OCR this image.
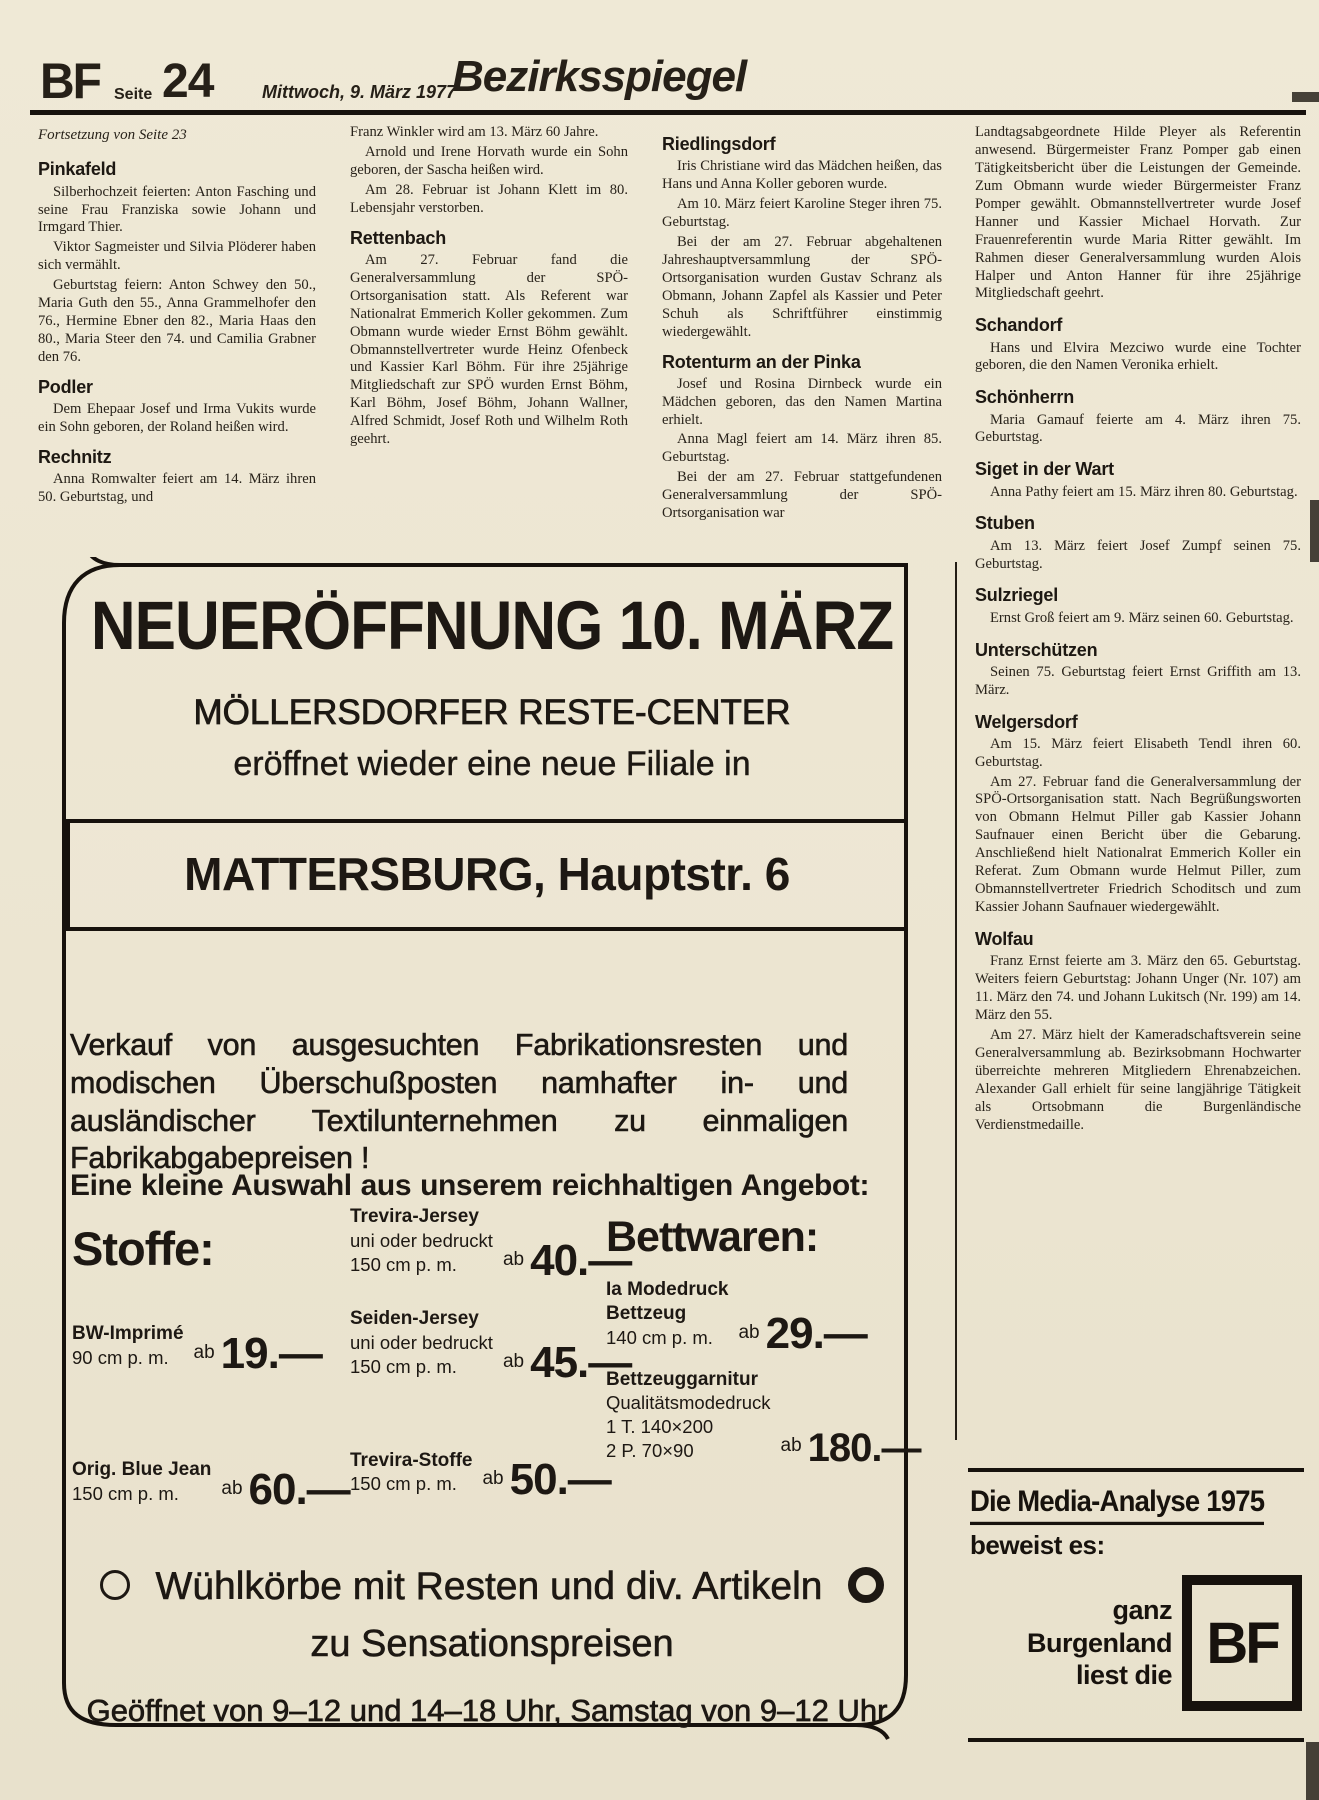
BF Seite 24	Mittwoch, 9. März 1977
Bezirksspiegel
Fortsetzung von Seite 23
Pinkafeld
Silberhochzeit feierten: Anton Fasching und seine Frau Franziska sowie Johann und Irmgard Thier.
Viktor Sagmeister und Silvia Plöderer haben sich vermählt.
Geburtstag feiern: Anton Schwey den 50., Maria Guth den 55., Anna Grammelhofer den 76., Hermine Ebner den 82., Maria Haas den 80., Maria Steer den 74. und Camilia Grabner den 76.
Podler
Dem Ehepaar Josef und Irma Vukits wurde ein Sohn geboren, der Roland heißen wird.
Rechnitz
Anna Romwalter feiert am 14. März ihren 50. Geburtstag, und
Franz Winkler wird am 13. März 60 Jahre.
Arnold und Irene Horvath wurde ein Sohn geboren, der Sascha heißen wird.
Am 28. Februar ist Johann Klett im 80. Lebensjahr verstorben.
Rettenbach
Am 27. Februar fand die Generalversammlung der SPÖ-Ortsorganisation statt. Als Referent war Nationalrat Emmerich Koller gekommen. Zum Obmann wurde wieder Ernst Böhm gewählt. Obmannstellvertreter wurde Heinz Ofenbeck und Kassier Karl Böhm. Für ihre 25jährige Mitgliedschaft zur SPÖ wurden Ernst Böhm, Karl Böhm, Josef Böhm, Johann Wallner, Alfred Schmidt, Josef Roth und Wilhelm Roth geehrt.
Riedlingsdorf
Iris Christiane wird das Mädchen heißen, das Hans und Anna Koller geboren wurde.
Am 10. März feiert Karoline Steger ihren 75. Geburtstag.
Bei der am 27. Februar abgehaltenen Jahreshauptversammlung der SPÖ-Ortsorganisation wurden Gustav Schranz als Obmann, Johann Zapfel als Kassier und Peter Schuh als Schriftführer einstimmig wiedergewählt.
Rotenturm an der Pinka
Josef und Rosina Dirnbeck wurde ein Mädchen geboren, das den Namen Martina erhielt.
Anna Magl feiert am 14. März ihren 85. Geburtstag.
Bei der am 27. Februar stattgefundenen Generalversammlung der SPÖ-Ortsorganisation war
Landtagsabgeordnete Hilde Pleyer als Referentin anwesend. Bürgermeister Franz Pomper gab einen Tätigkeitsbericht über die Leistungen der Gemeinde. Zum Obmann wurde wieder Bürgermeister Franz Pomper gewählt. Obmannstellvertreter wurde Josef Hanner und Kassier Michael Horvath. Zur Frauenreferentin wurde Maria Ritter gewählt. Im Rahmen dieser Generalversammlung wurden Alois Halper und Anton Hanner für ihre 25jährige Mitgliedschaft geehrt.
Schandorf
Hans und Elvira Mezciwo wurde eine Tochter geboren, die den Namen Veronika erhielt.
Schönherrn
Maria Gamauf feierte am 4. März ihren 75. Geburtstag.
Siget in der Wart
Anna Pathy feiert am 15. März ihren 80. Geburtstag.
Stuben
Am 13. März feiert Josef Zumpf seinen 75. Geburtstag.
Sulzriegel
Ernst Groß feiert am 9. März seinen 60. Geburtstag.
Unterschützen
Seinen 75. Geburtstag feiert Ernst Griffith am 13. März.
Welgersdorf
Am 15. März feiert Elisabeth Tendl ihren 60. Geburtstag.
Am 27. Februar fand die Generalversammlung der SPÖ-Ortsorganisation statt. Nach Begrüßungsworten von Obmann Helmut Piller gab Kassier Johann Saufnauer einen Bericht über die Gebarung. Anschließend hielt Nationalrat Emmerich Koller ein Referat. Zum Obmann wurde Helmut Piller, zum Obmannstellvertreter Friedrich Schoditsch und zum Kassier Johann Saufnauer wiedergewählt.
Wolfau
Franz Ernst feierte am 3. März den 65. Geburtstag. Weiters feiern Geburtstag: Johann Unger (Nr. 107) am 11. März den 74. und Johann Lukitsch (Nr. 199) am 14. März den 55.
Am 27. März hielt der Kameradschaftsverein seine Generalversammlung ab. Bezirksobmann Hochwarter überreichte mehreren Mitgliedern Ehrenabzeichen. Alexander Gall erhielt für seine langjährige Tätigkeit als Ortsobmann die Burgenländische Verdienstmedaille.
NEUERÖFFNUNG 10. MÄRZ
MÖLLERSDORFER RESTE-CENTER
eröffnet wieder eine neue Filiale in
MATTERSBURG, Hauptstr. 6
Verkauf von ausgesuchten Fabrikationsresten und modischen Überschußposten namhafter in- und ausländischer Textilunternehmen zu einmaligen Fabrikabgabepreisen !
Eine kleine Auswahl aus unserem reichhaltigen Angebot:
Stoffe:
BW-Imprimé
90 cm p. m.	ab 19.—
Orig. Blue Jean
150 cm p. m.	ab 60.—
Trevira-Jersey
uni oder bedruckt
150 cm p. m.	ab 40.—
Seiden-Jersey
uni oder bedruckt
150 cm p. m.	ab 45.—
Trevira-Stoffe
150 cm p. m.	ab 50.—
Bettwaren:
Ia Modedruck
Bettzeug
140 cm p. m.	ab 29.—
Bettzeuggarnitur
Qualitätsmodedruck
1 T. 140×200
2 P. 70×90	ab 180.—
Wühlkörbe mit Resten und div. Artikeln
zu Sensationspreisen
Geöffnet von 9–12 und 14–18 Uhr, Samstag von 9–12 Uhr
Die Media-Analyse 1975
beweist es:
ganz
Burgenland
liest die BF
